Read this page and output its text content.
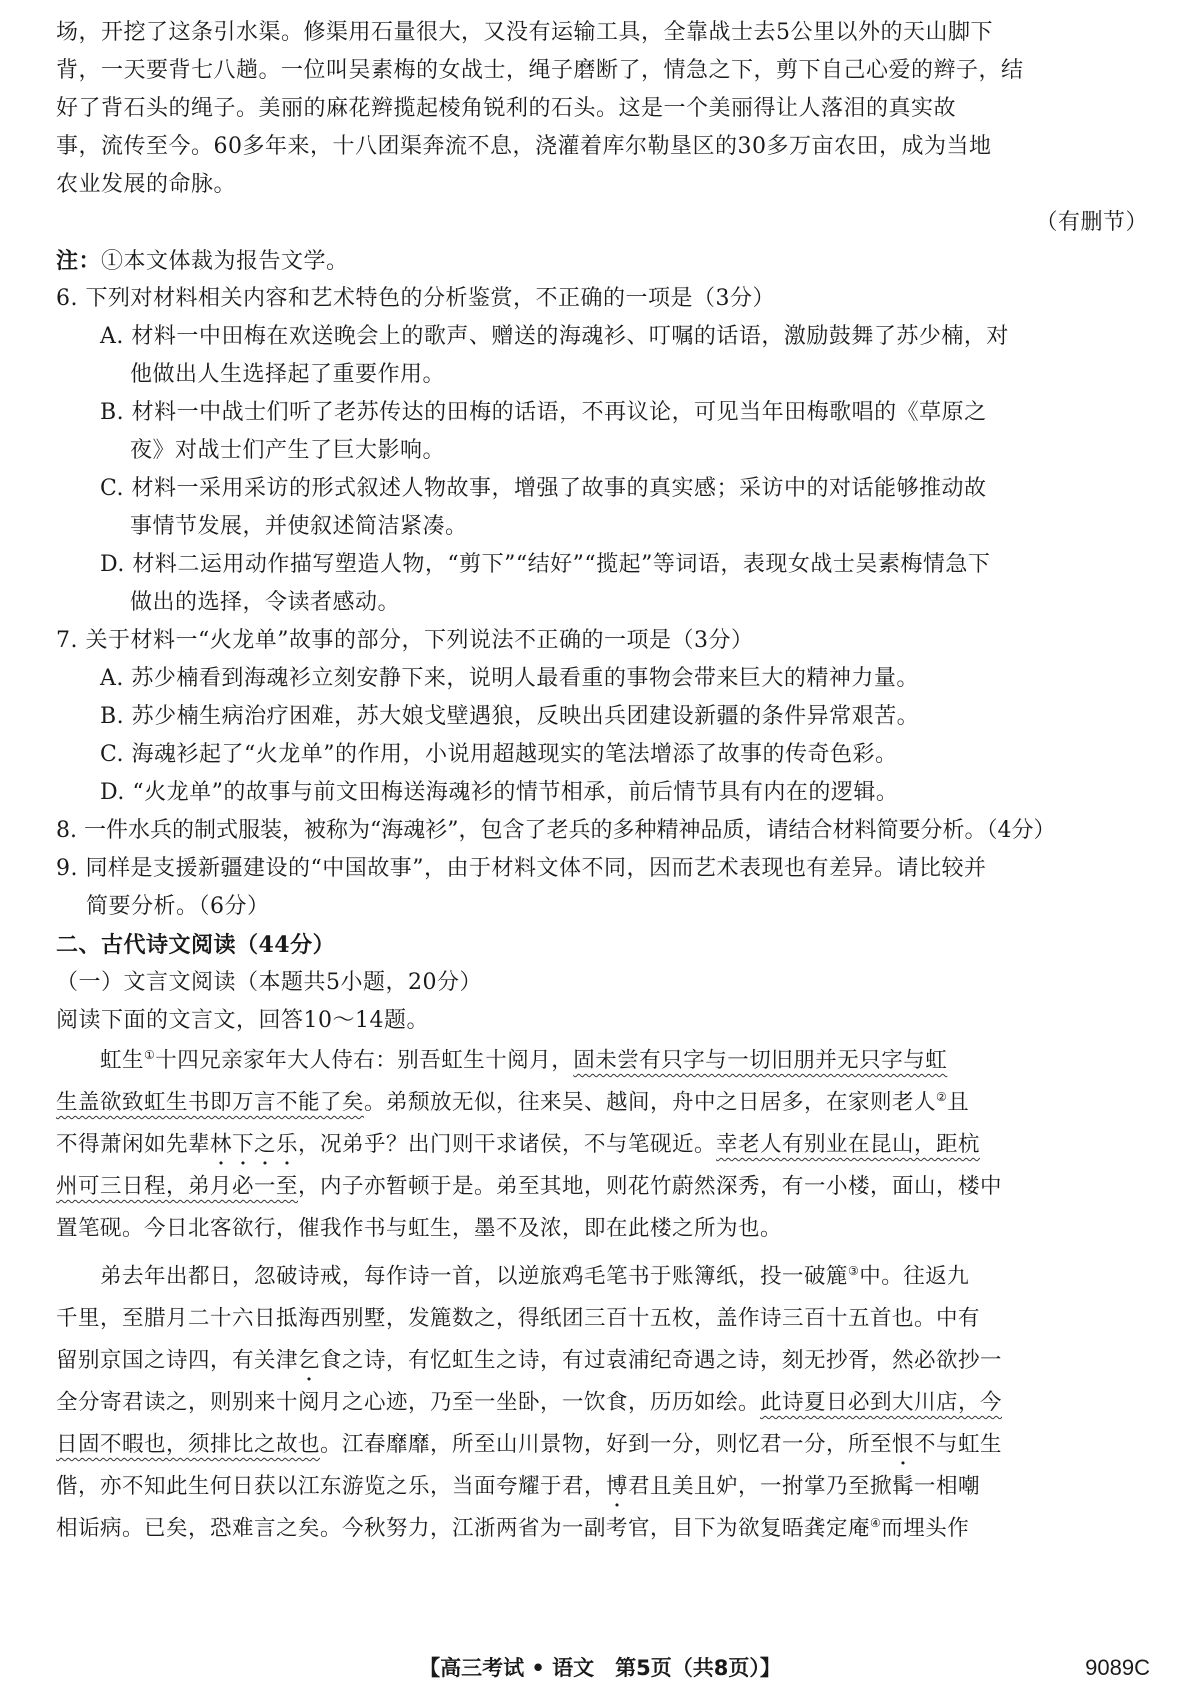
场，开挖了这条引水渠。修渠用石量很大，又没有运输工具，全靠战士去5公里以外的天山脚下
背，一天要背七八趟。一位叫吴素梅的女战士，绳子磨断了，情急之下，剪下自己心爱的辫子，结
好了背石头的绳子。美丽的麻花辫揽起棱角锐利的石头。这是一个美丽得让人落泪的真实故
事，流传至今。60多年来，十八团渠奔流不息，浇灌着库尔勒垦区的30多万亩农田，成为当地
农业发展的命脉。
（有删节）
注：①本文体裁为报告文学。
6. 下列对材料相关内容和艺术特色的分析鉴赏，不正确的一项是（3分）
A. 材料一中田梅在欢送晚会上的歌声、赠送的海魂衫、叮嘱的话语，激励鼓舞了苏少楠，对
他做出人生选择起了重要作用。
B. 材料一中战士们听了老苏传达的田梅的话语，不再议论，可见当年田梅歌唱的《草原之
夜》对战士们产生了巨大影响。
C. 材料一采用采访的形式叙述人物故事，增强了故事的真实感；采访中的对话能够推动故
事情节发展，并使叙述简洁紧凑。
D. 材料二运用动作描写塑造人物，“剪下”“结好”“揽起”等词语，表现女战士吴素梅情急下
做出的选择，令读者感动。
7. 关于材料一“火龙单”故事的部分，下列说法不正确的一项是（3分）
A. 苏少楠看到海魂衫立刻安静下来，说明人最看重的事物会带来巨大的精神力量。
B. 苏少楠生病治疗困难，苏大娘戈壁遇狼，反映出兵团建设新疆的条件异常艰苦。
C. 海魂衫起了“火龙单”的作用，小说用超越现实的笔法增添了故事的传奇色彩。
D. “火龙单”的故事与前文田梅送海魂衫的情节相承，前后情节具有内在的逻辑。
8. 一件水兵的制式服装，被称为“海魂衫”，包含了老兵的多种精神品质，请结合材料简要分析。（4分）
9. 同样是支援新疆建设的“中国故事”，由于材料文体不同，因而艺术表现也有差异。请比较并
简要分析。（6分）
二、古代诗文阅读（44分）
（一）文言文阅读（本题共5小题，20分）
阅读下面的文言文，回答10～14题。
虹生①十四兄亲家年大人侍右：别吾虹生十阅月，固未尝有只字与一切旧朋并无只字与虹
生盖欲致虹生书即万言不能了矣。弟颓放无似，往来吴、越间，舟中之日居多，在家则老人②且
不得萧闲如先辈林下之乐，况弟乎？出门则干求诸侯，不与笔砚近。幸老人有别业在昆山，距杭
州可三日程，弟月必一至，内子亦暂顿于是。弟至其地，则花竹蔚然深秀，有一小楼，面山，楼中
置笔砚。今日北客欲行，催我作书与虹生，墨不及浓，即在此楼之所为也。
弟去年出都日，忽破诗戒，每作诗一首，以逆旅鸡毛笔书于账簿纸，投一破簏③中。往返九
千里，至腊月二十六日抵海西别墅，发簏数之，得纸团三百十五枚，盖作诗三百十五首也。中有
留别京国之诗四，有关津乞食之诗，有忆虹生之诗，有过袁浦纪奇遇之诗，刻无抄胥，然必欲抄一
全分寄君读之，则别来十阅月之心迹，乃至一坐卧，一饮食，历历如绘。此诗夏日必到大川店，今
日固不暇也，须排比之故也。江春靡靡，所至山川景物，好到一分，则忆君一分，所至恨不与虹生
偕，亦不知此生何日获以江东游览之乐，当面夸耀于君，博君且美且妒，一拊掌乃至掀髯一相嘲
相诟病。已矣，恐难言之矣。今秋努力，江浙两省为一副考官，目下为欲复晤龚定庵④而埋头作
【高三考试 • 语文　第5页（共8页）】	9089C
